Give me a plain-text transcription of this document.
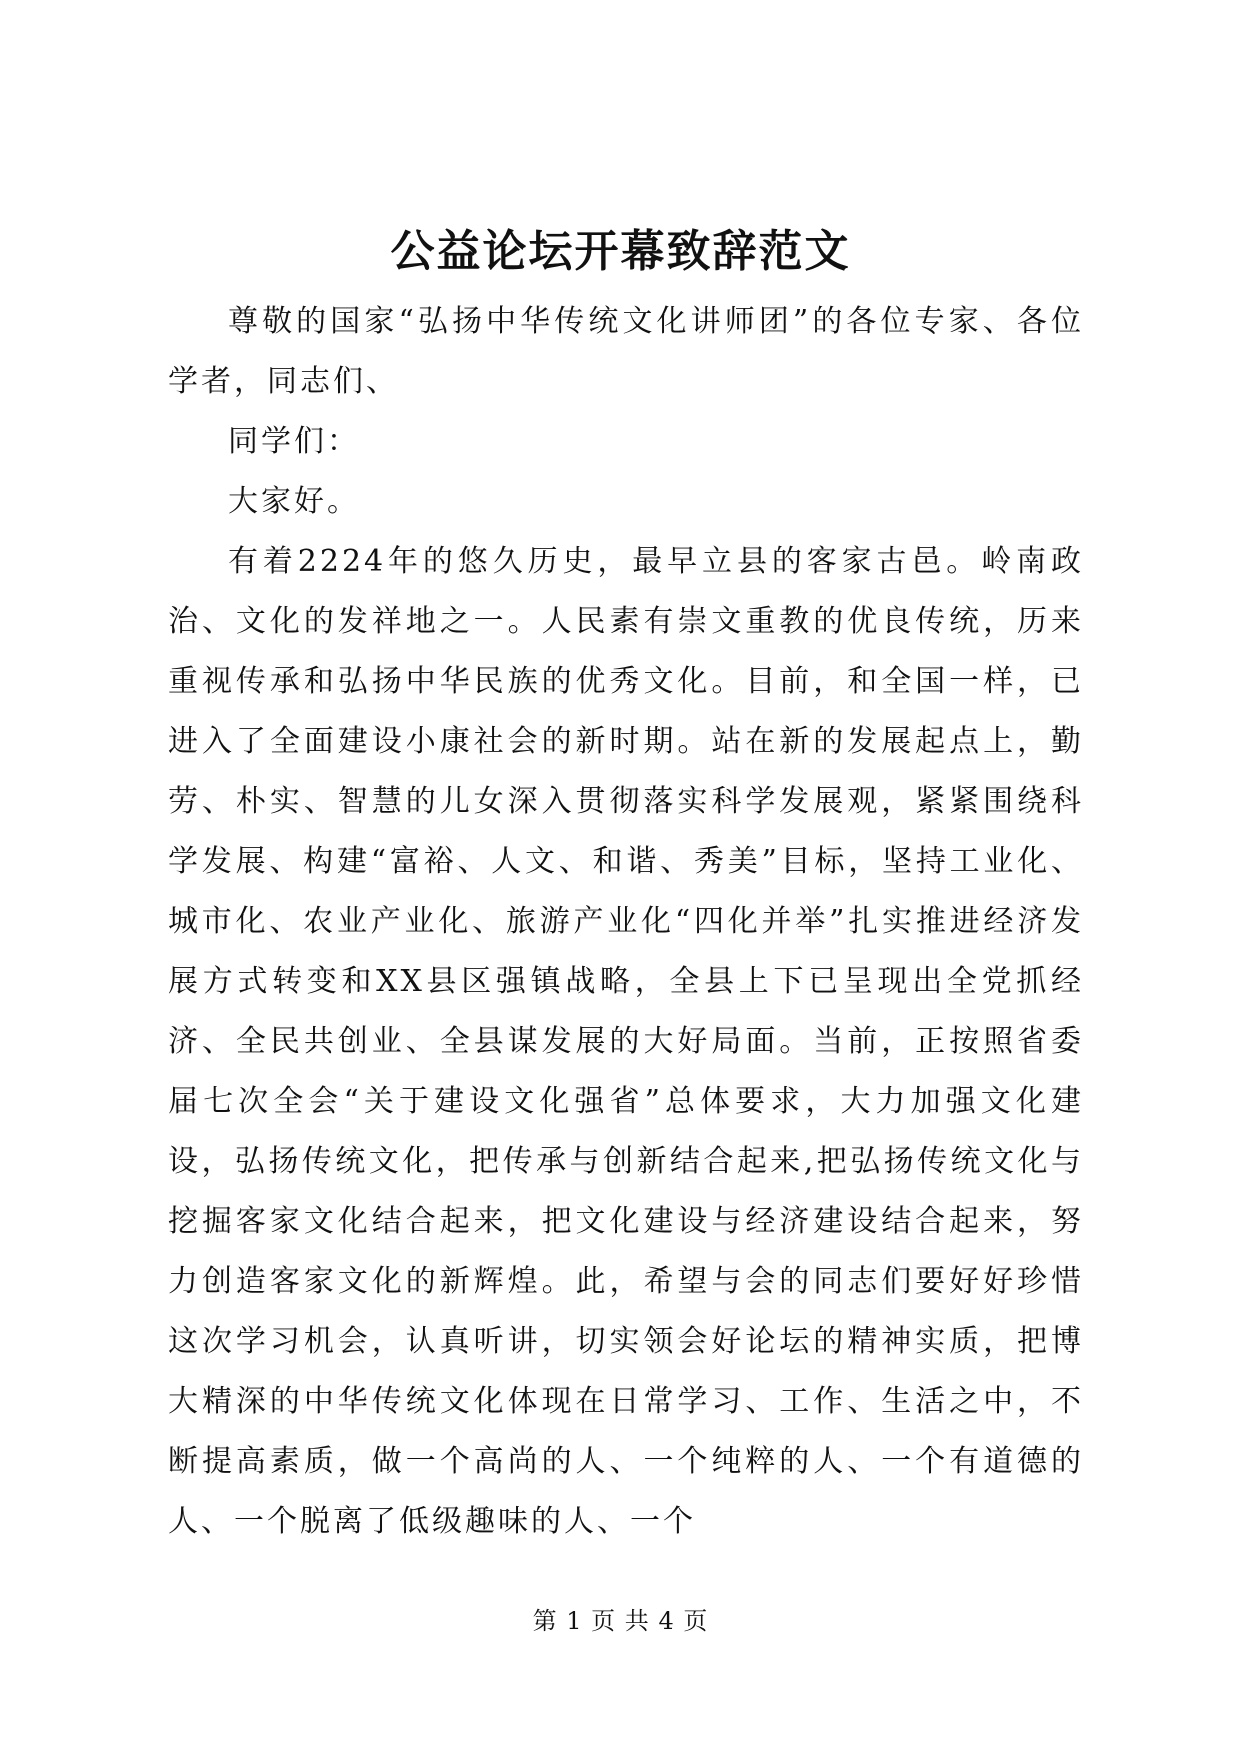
公益论坛开幕致辞范文

尊敬的国家“弘扬中华传统文化讲师团”的各位专家、各位学者，同志们、

同学们：

大家好。

有着2224年的悠久历史，最早立县的客家古邑。岭南政治、文化的发祥地之一。人民素有崇文重教的优良传统，历来重视传承和弘扬中华民族的优秀文化。目前，和全国一样，已进入了全面建设小康社会的新时期。站在新的发展起点上，勤劳、朴实、智慧的儿女深入贯彻落实科学发展观，紧紧围绕科学发展、构建“富裕、人文、和谐、秀美”目标，坚持工业化、城市化、农业产业化、旅游产业化“四化并举”扎实推进经济发展方式转变和XX县区强镇战略，全县上下已呈现出全党抓经济、全民共创业、全县谋发展的大好局面。当前，正按照省委届七次全会“关于建设文化强省”总体要求，大力加强文化建设，弘扬传统文化，把传承与创新结合起来,把弘扬传统文化与挖掘客家文化结合起来，把文化建设与经济建设结合起来，努力创造客家文化的新辉煌。此，希望与会的同志们要好好珍惜这次学习机会，认真听讲，切实领会好论坛的精神实质，把博大精深的中华传统文化体现在日常学习、工作、生活之中，不断提高素质，做一个高尚的人、一个纯粹的人、一个有道德的人、一个脱离了低级趣味的人、一个

第 1 页 共 4 页
